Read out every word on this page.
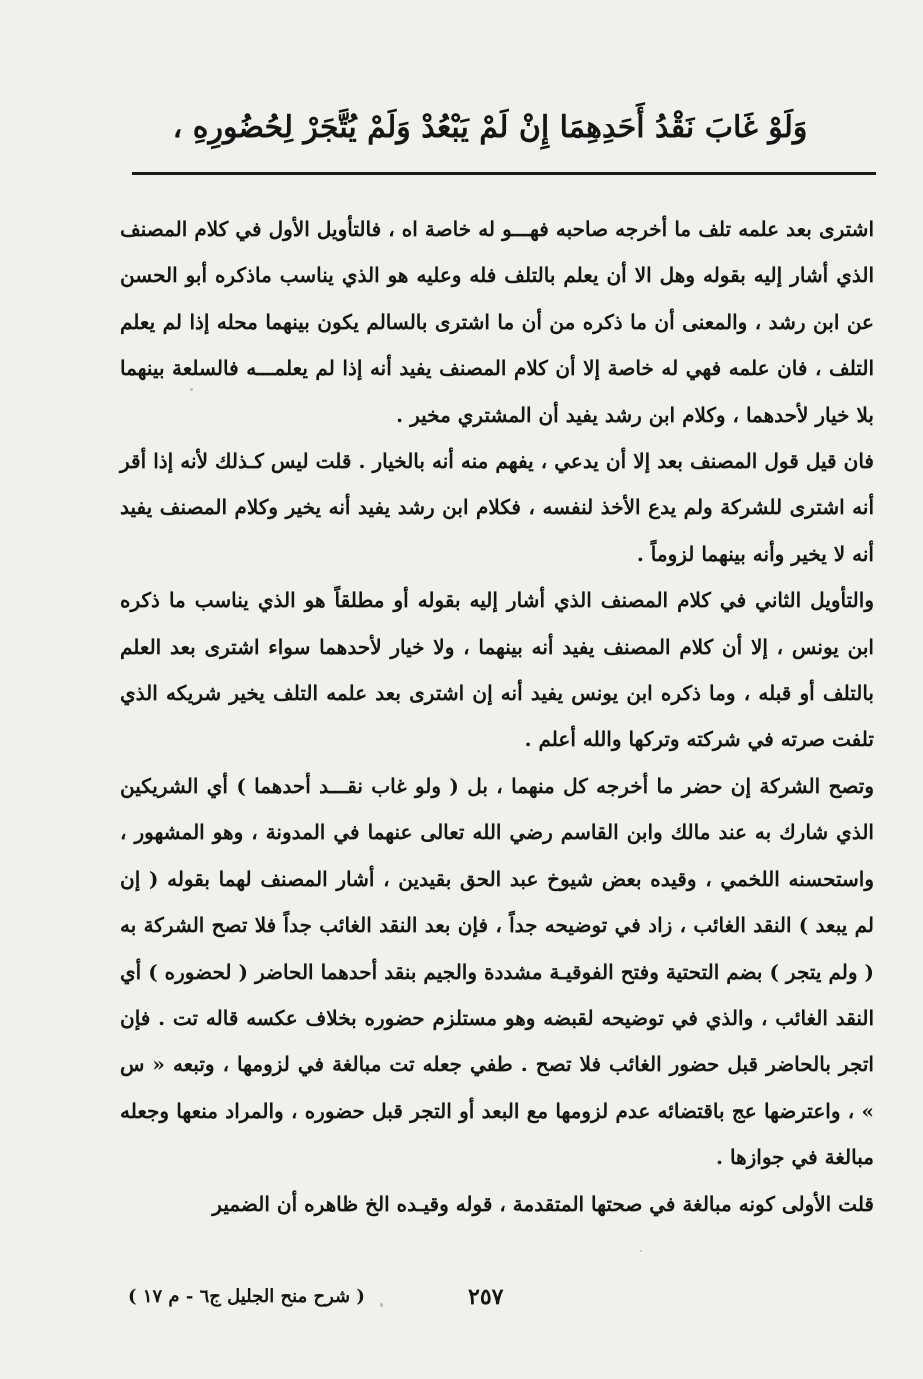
وَلَوْ غَابَ نَقْدُ أَحَدِهِمَا إِنْ لَمْ يَبْعُدْ وَلَمْ يُتَّجَرْ لِحُضُورِهِ ،

اشترى بعد علمه تلف ما أخرجه صاحبه فهـــو له خاصة اه ، فالتأويل الأول في كلام المصنف الذي أشار إليه بقوله وهل الا أن يعلم بالتلف فله وعليه هو الذي يناسب ماذكره أبو الحسن عن ابن رشد ، والمعنى أن ما ذكره من أن ما اشترى بالسالم يكون بينهما محله إذا لم يعلم التلف ، فان علمه فهي له خاصة إلا أن كلام المصنف يفيد أنه إذا لم يعلمـــه فالسلعة بينهما بلا خيار لأحدهما ، وكلام ابن رشد يفيد أن المشتري مخير .

فان قيل قول المصنف بعد إلا أن يدعي ، يفهم منه أنه بالخيار . قلت ليس كـذلك لأنه إذا أقر أنه اشترى للشركة ولم يدع الأخذ لنفسه ، فكلام ابن رشد يفيد أنه يخير وكلام المصنف يفيد أنه لا يخير وأنه بينهما لزوماً .

والتأويل الثاني في كلام المصنف الذي أشار إليه بقوله أو مطلقاً هو الذي يناسب ما ذكره ابن يونس ، إلا أن كلام المصنف يفيد أنه بينهما ، ولا خيار لأحدهما سواء اشترى بعد العلم بالتلف أو قبله ، وما ذكره ابن يونس يفيد أنه إن اشترى بعد علمه التلف يخير شريكه الذي تلفت صرته في شركته وتركها والله أعلم .

وتصح الشركة إن حضر ما أخرجه كل منهما ، بل ( ولو غاب نقـــد أحدهما ) أي الشريكين الذي شارك به عند مالك وابن القاسم رضي الله تعالى عنهما في المدونة ، وهو المشهور ، واستحسنه اللخمي ، وقيده بعض شيوخ عبد الحق بقيدين ، أشار المصنف لهما بقوله ( إن لم يبعد ) النقد الغائب ، زاد في توضيحه جداً ، فإن بعد النقد الغائب جداً فلا تصح الشركة به ( ولم يتجر ) بضم التحتية وفتح الفوقيـة مشددة والجيم بنقد أحدهما الحاضر ( لحضوره ) أي النقد الغائب ، والذي في توضيحه لقبضه وهو مستلزم حضوره بخلاف عكسه قاله تت . فإن اتجر بالحاضر قبل حضور الغائب فلا تصح . طفي جعله تت مبالغة في لزومها ، وتبعه « س » ، واعترضها عج باقتضائه عدم لزومها مع البعد أو التجر قبل حضوره ، والمراد منعها وجعله مبالغة في جوازها .

قلت الأولى كونه مبالغة في صحتها المتقدمة ، قوله وقيـده الخ ظاهره أن الضمير

٢٥٧
( شرح منح الجليل ج٦ - م ١٧ )
